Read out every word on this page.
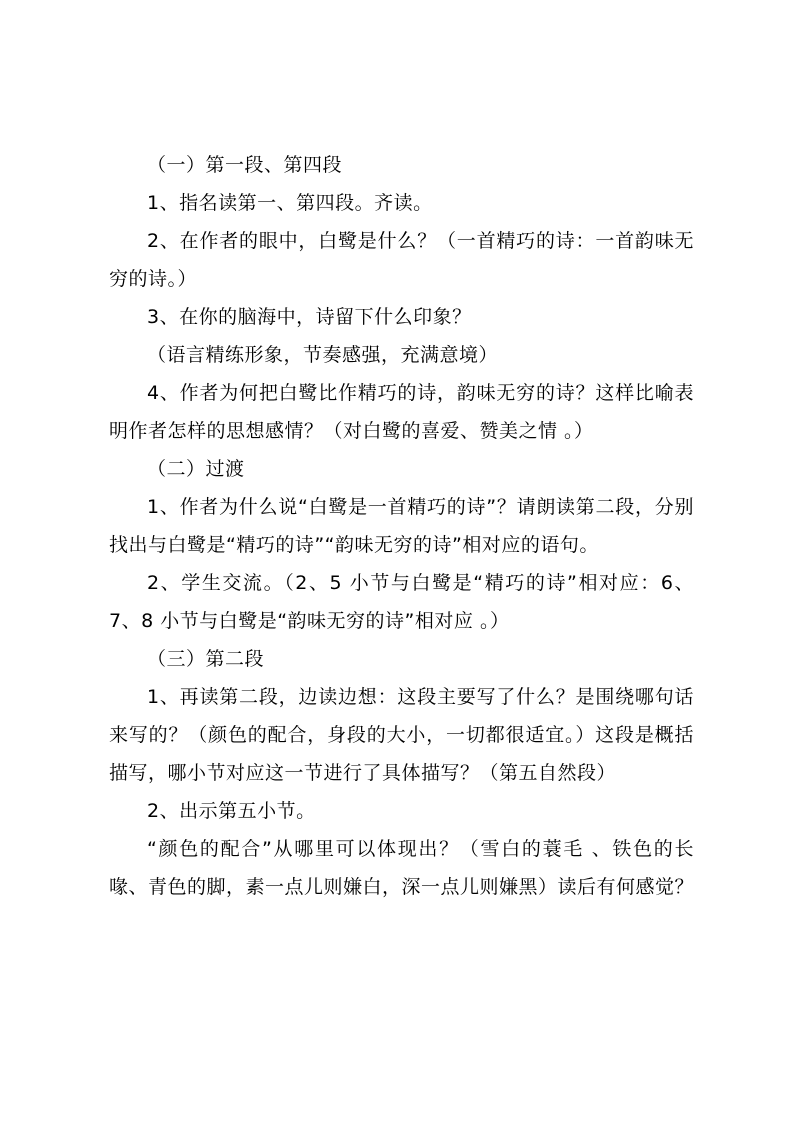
（一）第一段、第四段

1、指名读第一、第四段。齐读。

2、在作者的眼中，白鹭是什么？（一首精巧的诗：一首韵味无穷的诗。）

3、在你的脑海中，诗留下什么印象？

（语言精练形象，节奏感强，充满意境）

4、作者为何把白鹭比作精巧的诗，韵味无穷的诗？这样比喻表明作者怎样的思想感情？（对白鹭的喜爱、赞美之情 。）

（二）过渡

1、作者为什么说“白鹭是一首精巧的诗”？请朗读第二段，分别找出与白鹭是“精巧的诗”“韵味无穷的诗”相对应的语句。

2、学生交流。（2、5 小节与白鹭是“精巧的诗”相对应：6、7、8 小节与白鹭是“韵味无穷的诗”相对应 。）

（三）第二段

1、再读第二段，边读边想：这段主要写了什么？是围绕哪句话来写的？（颜色的配合，身段的大小，一切都很适宜。）这段是概括描写，哪小节对应这一节进行了具体描写？（第五自然段）

2、出示第五小节。

“颜色的配合”从哪里可以体现出？（雪白的蓑毛 、铁色的长喙、青色的脚，素一点儿则嫌白，深一点儿则嫌黑）读后有何感觉？
